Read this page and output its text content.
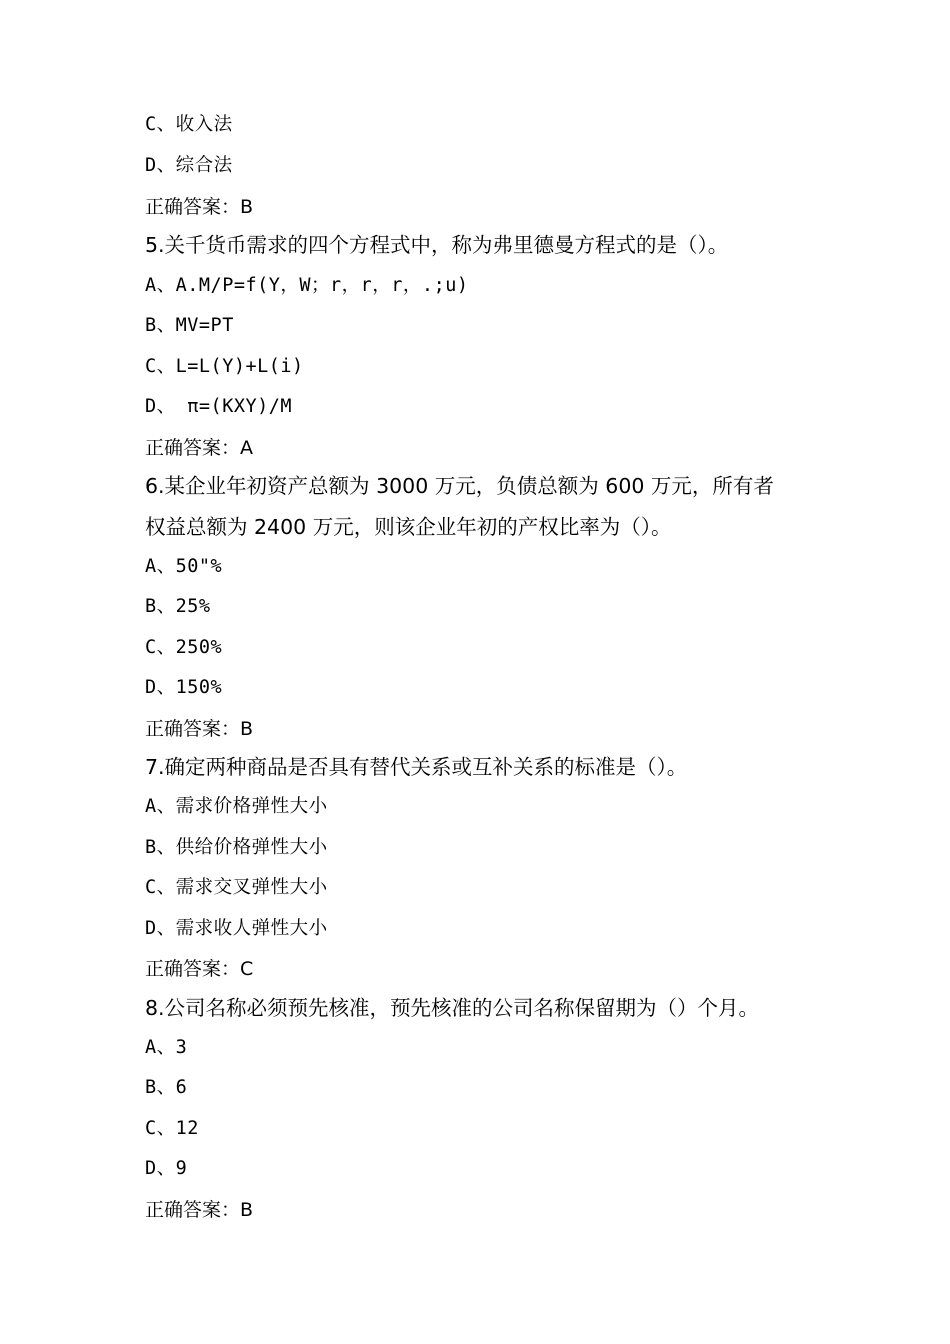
C、收入法
D、综合法
正确答案：B
5.关千货币需求的四个方程式中，称为弗里德曼方程式的是（）。
A、A.M/P=f(Y，W；r，r，r，.;u)
B、MV=PT
C、L=L(Y)+L(i)
D、 π=(KXY)/M
正确答案：A
6.某企业年初资产总额为 3000 万元，负债总额为 600 万元，所有者
权益总额为 2400 万元，则该企业年初的产权比率为（）。
A、50"%
B、25%
C、250%
D、150%
正确答案：B
7.确定两种商品是否具有替代关系或互补关系的标准是（）。
A、需求价格弹性大小
B、供给价格弹性大小
C、需求交叉弹性大小
D、需求收人弹性大小
正确答案：C
8.公司名称必须预先核准，预先核准的公司名称保留期为（）个月。
A、3
B、6
C、12
D、9
正确答案：B
